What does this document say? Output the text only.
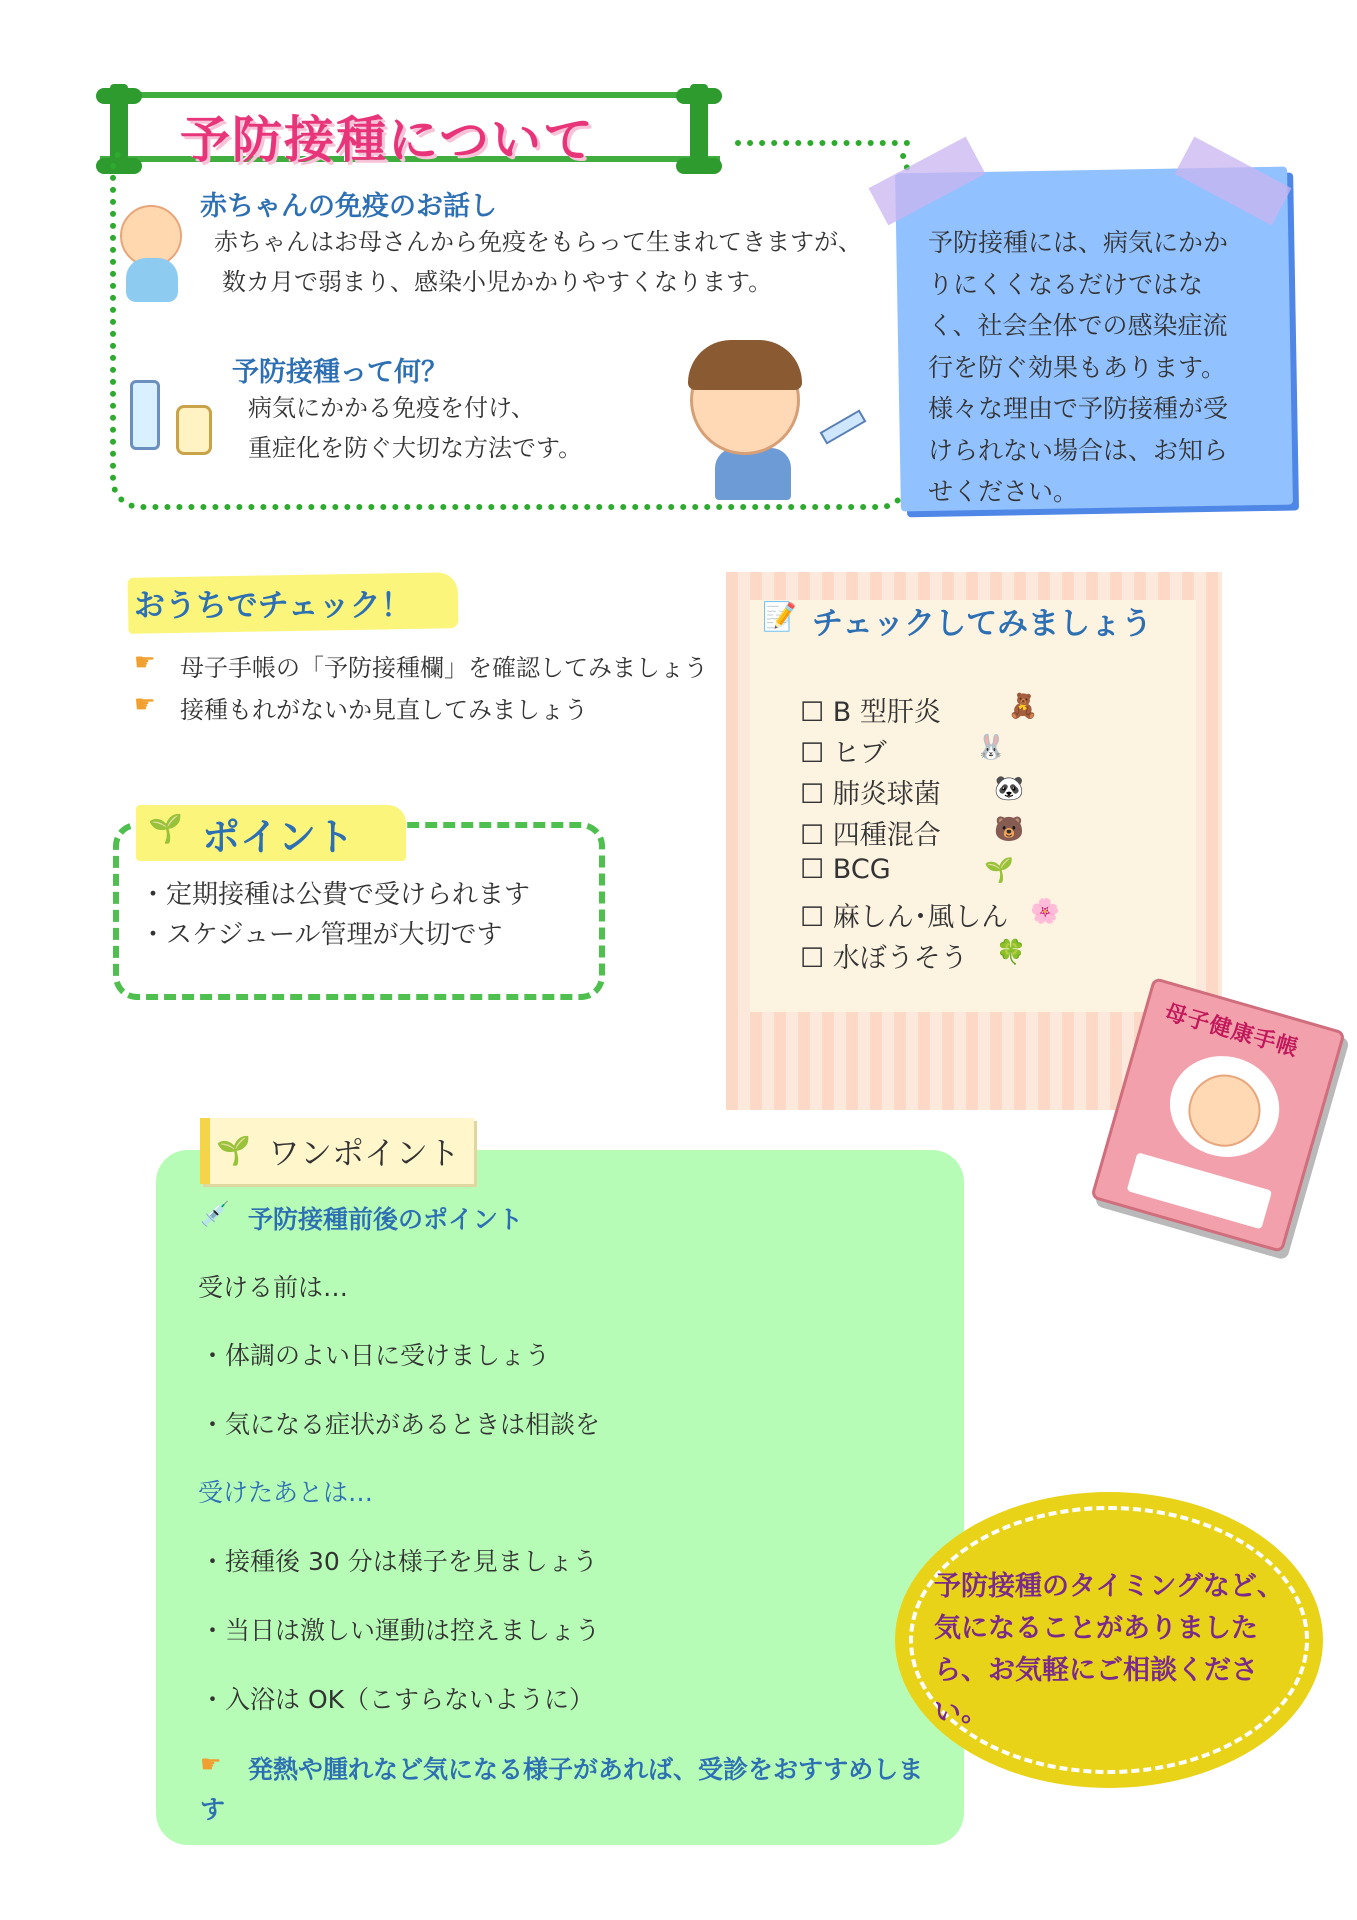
予防接種について
赤ちゃんの免疫のお話し
赤ちゃんはお母さんから免疫をもらって生まれてきますが、
数カ月で弱まり、感染小児かかりやすくなります。
予防接種って何？
病気にかかる免疫を付け、
重症化を防ぐ大切な方法です。
予防接種には、病気にかか
りにくくなるだけではな
く、社会全体での感染症流
行を防ぐ効果もあります。
様々な理由で予防接種が受
けられない場合は、お知ら
せください。
おうちでチェック！
☛ 母子手帳の「予防接種欄」を確認してみましょう
☛ 接種もれがないか見直してみましょう
🌱 ポイント
・定期接種は公費で受けられます
・スケジュール管理が大切です
📝 チェックしてみましょう
☐ B 型肝炎	🧸
☐ ヒブ	🐰
☐ 肺炎球菌 🐼
☐ 四種混合 🐻
☐ BCG	🌱
☐ 麻しん･風しん 🌸
☐ 水ぼうそう 🍀
母子健康手帳
🌱 ワンポイント
💉 予防接種前後のポイント
受ける前は…
・体調のよい日に受けましょう
・気になる症状があるときは相談を
受けたあとは…
・接種後 30 分は様子を見ましょう
・当日は激しい運動は控えましょう
・入浴は OK（こすらないように）
☛ 発熱や腫れなど気になる様子があれば、受診をおすすめしま
す
予防接種のタイミングなど、
気になることがありました
ら、お気軽にご相談ください。
